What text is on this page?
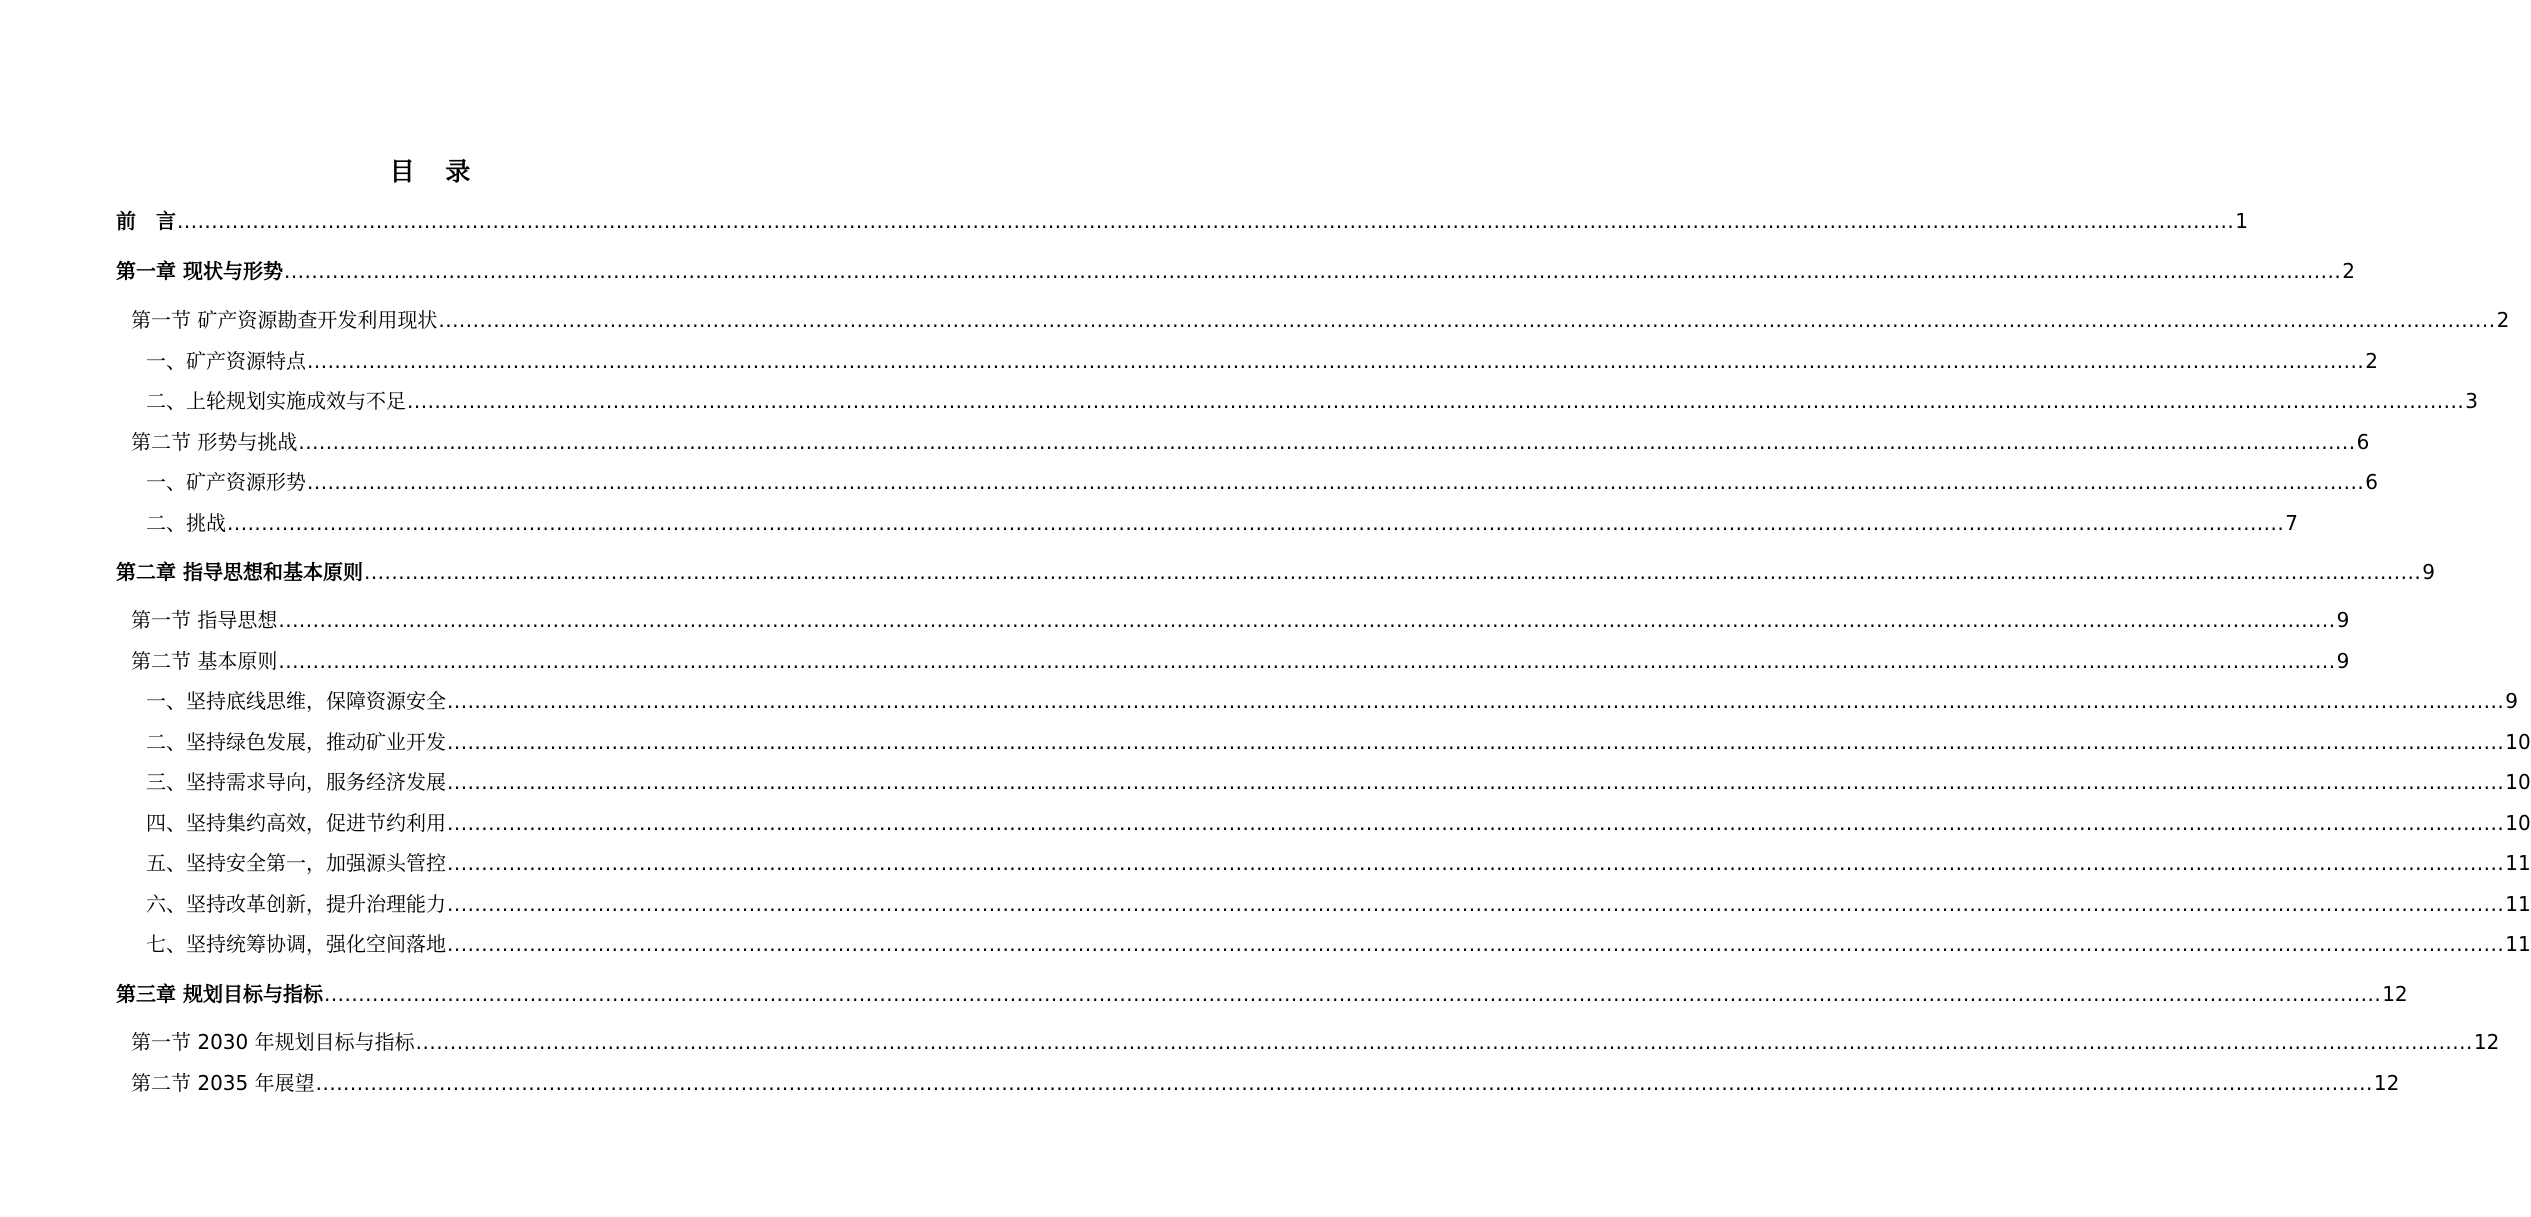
目 录
前　言 ............................................................................................................................................................................................................................................................................................................ 1
第一章 现状与形势 ............................................................................................................................................................................................................................................................................................................ 2
第一节 矿产资源勘查开发利用现状 ............................................................................................................................................................................................................................................................................................................ 2
一、矿产资源特点 ............................................................................................................................................................................................................................................................................................................ 2
二、上轮规划实施成效与不足 ............................................................................................................................................................................................................................................................................................................ 3
第二节 形势与挑战 ............................................................................................................................................................................................................................................................................................................ 6
一、矿产资源形势 ............................................................................................................................................................................................................................................................................................................ 6
二、挑战 ............................................................................................................................................................................................................................................................................................................ 7
第二章 指导思想和基本原则 ............................................................................................................................................................................................................................................................................................................ 9
第一节 指导思想 ............................................................................................................................................................................................................................................................................................................ 9
第二节 基本原则 ............................................................................................................................................................................................................................................................................................................ 9
一、坚持底线思维，保障资源安全 ............................................................................................................................................................................................................................................................................................................ 9
二、坚持绿色发展，推动矿业开发 ............................................................................................................................................................................................................................................................................................................ 10
三、坚持需求导向，服务经济发展 ............................................................................................................................................................................................................................................................................................................ 10
四、坚持集约高效，促进节约利用 ............................................................................................................................................................................................................................................................................................................ 10
五、坚持安全第一，加强源头管控 ............................................................................................................................................................................................................................................................................................................ 11
六、坚持改革创新，提升治理能力 ............................................................................................................................................................................................................................................................................................................ 11
七、坚持统筹协调，强化空间落地 ............................................................................................................................................................................................................................................................................................................ 11
第三章 规划目标与指标 ............................................................................................................................................................................................................................................................................................................ 12
第一节 2030 年规划目标与指标 ............................................................................................................................................................................................................................................................................................................ 12
第二节 2035 年展望 ............................................................................................................................................................................................................................................................................................................ 12
